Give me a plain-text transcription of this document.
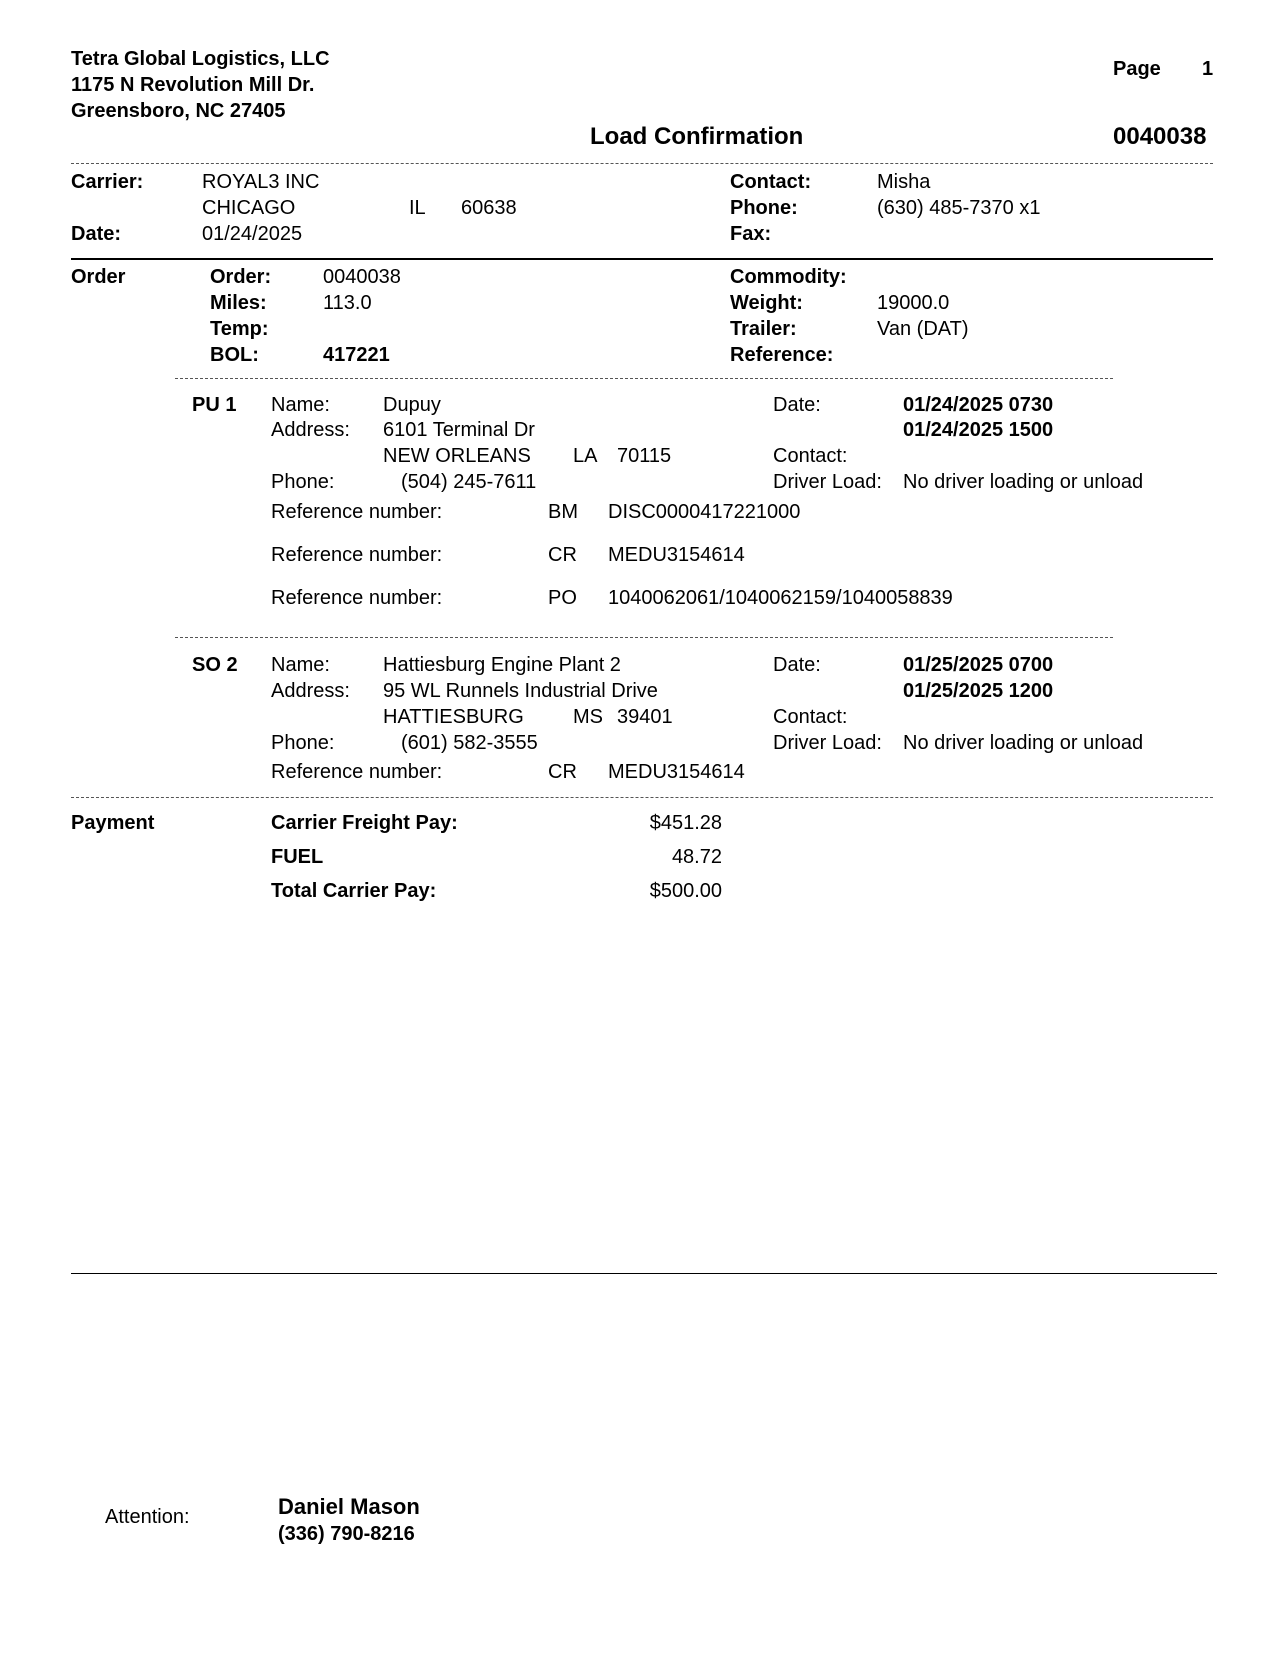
Tetra Global Logistics, LLC
1175 N Revolution Mill Dr.
Greensboro, NC 27405
Page 1
Load Confirmation	0040038
Carrier:	ROYAL3 INC
CHICAGO	IL 60638
Date:	01/24/2025
Contact:	Misha
Phone:	(630) 485-7370 x1
Fax:
Order	Order:	0040038
Miles:	113.0
Temp:
BOL:	417221
Commodity:
Weight:	19000.0
Trailer:	Van (DAT)
Reference:
PU 1 Name:	Dupuy
Address: 6101 Terminal Dr
NEW ORLEANS LA 70115
Phone:	(504) 245-7611
Date:	01/24/2025 0730
01/24/2025 1500
Contact:
Driver Load: No driver loading or unload
Reference number:	BM DISC0000417221000
Reference number:	CR MEDU3154614
Reference number:	PO 1040062061/1040062159/1040058839
SO 2 Name:	Hattiesburg Engine Plant 2
Address: 95 WL Runnels Industrial Drive
HATTIESBURG MS 39401
Phone:	(601) 582-3555
Date:	01/25/2025 0700
01/25/2025 1200
Contact:
Driver Load: No driver loading or unload
Reference number:	CR MEDU3154614
Payment	Carrier Freight Pay:	$451.28
FUEL	48.72
Total Carrier Pay:	$500.00
Attention:	Daniel Mason
(336) 790-8216
